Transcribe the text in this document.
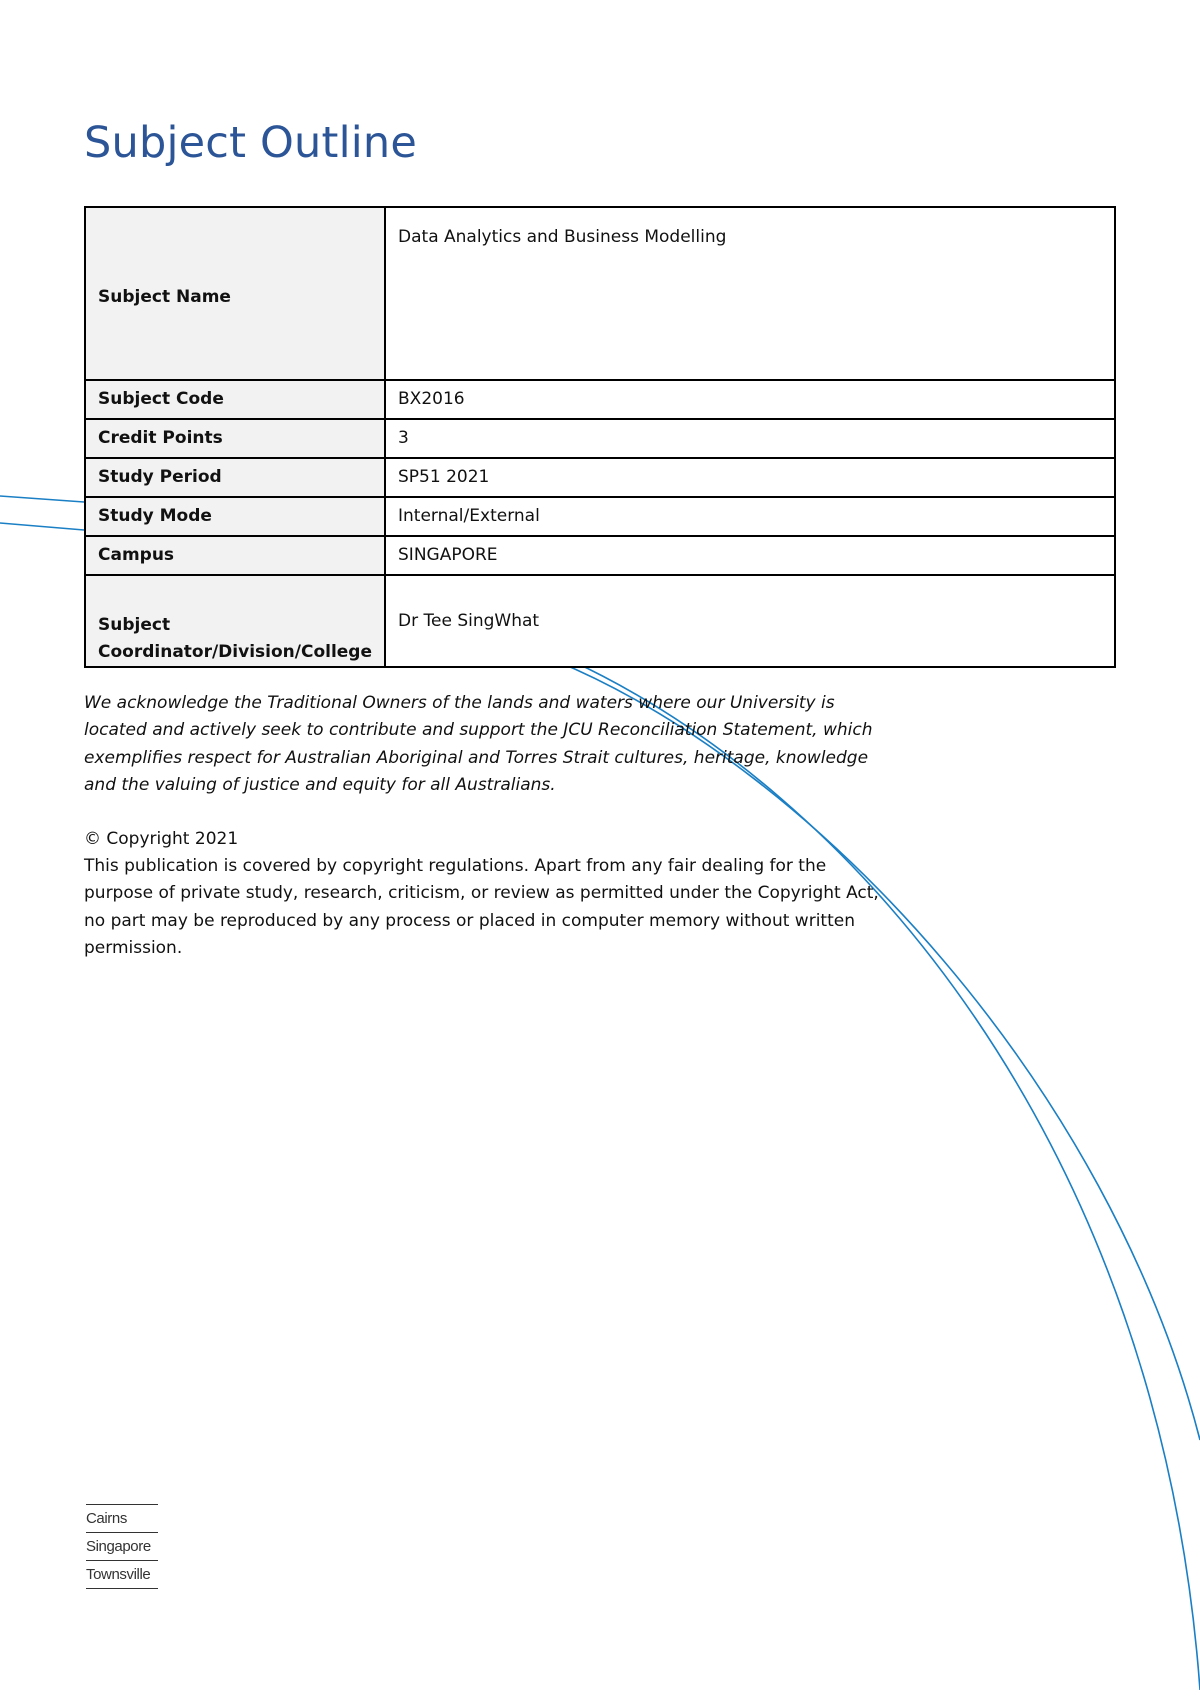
Subject Outline
Subject Name	Data Analytics and Business Modelling
Subject Code	BX2016
Credit Points	3
Study Period	SP51 2021
Study Mode	Internal/External
Campus	SINGAPORE
Subject Coordinator/Division/College	Dr Tee SingWhat

We acknowledge the Traditional Owners of the lands and waters where our University is located and actively seek to contribute and support the JCU Reconciliation Statement, which exemplifies respect for Australian Aboriginal and Torres Strait cultures, heritage, knowledge and the valuing of justice and equity for all Australians.

© Copyright 2021

This publication is covered by copyright regulations. Apart from any fair dealing for the purpose of private study, research, criticism, or review as permitted under the Copyright Act, no part may be reproduced by any process or placed in computer memory without written permission.

Cairns
Singapore
Townsville
